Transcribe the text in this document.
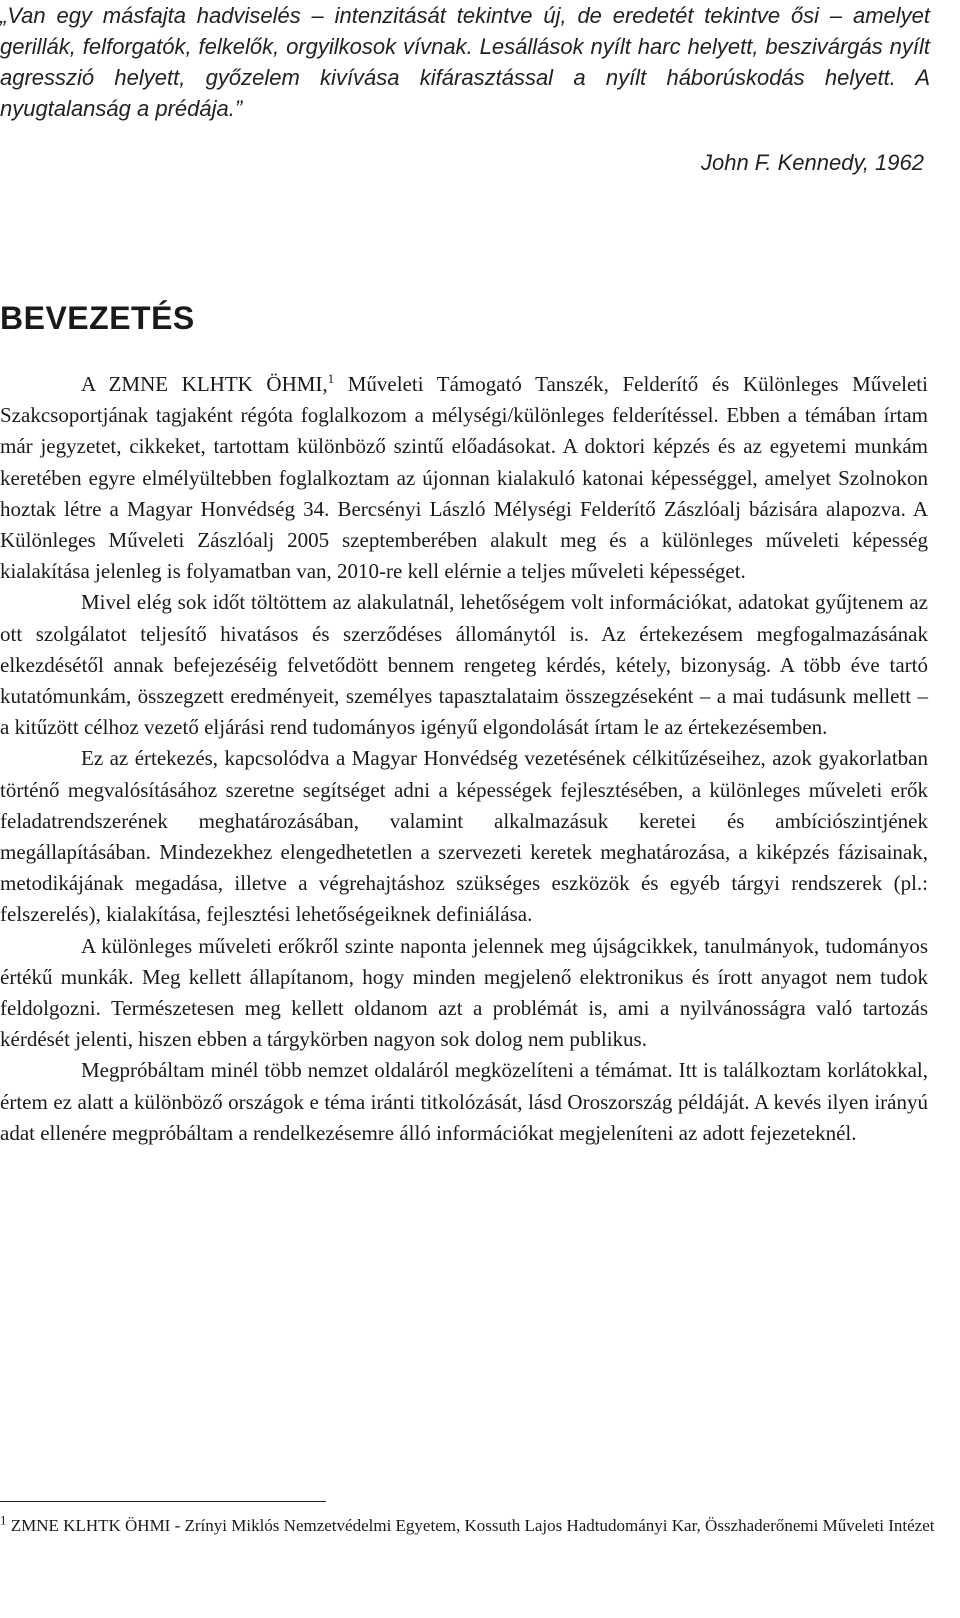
„Van egy másfajta hadviselés – intenzitását tekintve új, de eredetét tekintve ősi – amelyet gerillák, felforgatók, felkelők, orgyilkosok vívnak. Lesállások nyílt harc helyett, beszivárgás nyílt agresszió helyett, győzelem kivívása kifárasztással a nyílt háborúskodás helyett. A nyugtalanság a prédája.”
John F. Kennedy, 1962
BEVEZETÉS

A ZMNE KLHTK ÖHMI,$^1$ Műveleti Támogató Tanszék, Felderítő és Különleges Műveleti Szakcsoportjának tagjaként régóta foglalkozom a mélységi/különleges felderítéssel. Ebben a témában írtam már jegyzetet, cikkeket, tartottam különböző szintű előadásokat. A doktori képzés és az egyetemi munkám keretében egyre elmélyültebben foglalkoztam az újonnan kialakuló katonai képességgel, amelyet Szolnokon hoztak létre a Magyar Honvédség 34. Bercsényi László Mélységi Felderítő Zászlóalj bázisára alapozva. A Különleges Műveleti Zászlóalj 2005 szeptemberében alakult meg és a különleges műveleti képesség kialakítása jelenleg is folyamatban van, 2010-re kell elérnie a teljes műveleti képességet.

Mivel elég sok időt töltöttem az alakulatnál, lehetőségem volt információkat, adatokat gyűjtenem az ott szolgálatot teljesítő hivatásos és szerződéses állománytól is. Az értekezésem megfogalmazásának elkezdésétől annak befejezéséig felvetődött bennem rengeteg kérdés, kétely, bizonyság. A több éve tartó kutatómunkám, összegzett eredményeit, személyes tapasztalataim összegzéseként – a mai tudásunk mellett – a kitűzött célhoz vezető eljárási rend tudományos igényű elgondolását írtam le az értekezésemben.

Ez az értekezés, kapcsolódva a Magyar Honvédség vezetésének célkitűzéseihez, azok gyakorlatban történő megvalósításához szeretne segítséget adni a képességek fejlesztésében, a különleges műveleti erők feladatrendszerének meghatározásában, valamint alkalmazásuk keretei és ambíciószintjének megállapításában. Mindezekhez elengedhetetlen a szervezeti keretek meghatározása, a kiképzés fázisainak, metodikájának megadása, illetve a végrehajtáshoz szükséges eszközök és egyéb tárgyi rendszerek (pl.: felszerelés), kialakítása, fejlesztési lehetőségeiknek definiálása.

A különleges műveleti erőkről szinte naponta jelennek meg újságcikkek, tanulmányok, tudományos értékű munkák. Meg kellett állapítanom, hogy minden megjelenő elektronikus és írott anyagot nem tudok feldolgozni. Természetesen meg kellett oldanom azt a problémát is, ami a nyilvánosságra való tartozás kérdését jelenti, hiszen ebben a tárgykörben nagyon sok dolog nem publikus.

Megpróbáltam minél több nemzet oldaláról megközelíteni a témámat. Itt is találkoztam korlátokkal, értem ez alatt a különböző országok e téma iránti titkolózását, lásd Oroszország példáját. A kevés ilyen irányú adat ellenére megpróbáltam a rendelkezésemre álló információkat megjeleníteni az adott fejezeteknél.

$^1$ ZMNE KLHTK ÖHMI - Zrínyi Miklós Nemzetvédelmi Egyetem, Kossuth Lajos Hadtudományi Kar, Összhaderőnemi Műveleti Intézet
